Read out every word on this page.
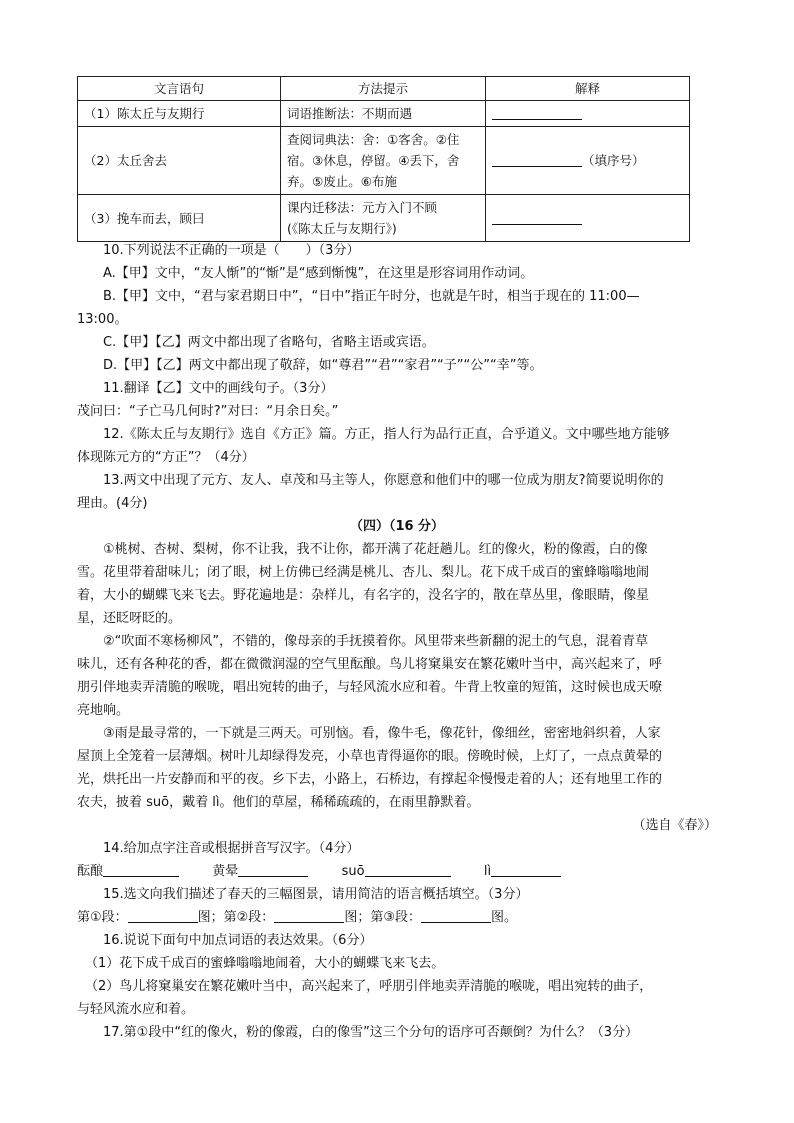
文言语句	方法提示	解释
（1）陈太丘与友期行	词语推断法：不期而遇	
（2）太丘舍去	查阅词典法：舍：①客舍。②住
宿。③休息，停留。④丢下，舍
弃。⑤废止。⑥布施	（填序号）
（3）挽车而去，顾曰	课内迁移法：元方入门不顾
(《陈太丘与友期行》)	

10.下列说法不正确的一项是（　　）（3分）
A.【甲】文中，“友人惭”的“惭”是“感到惭愧”，在这里是形容词用作动词。
B.【甲】文中，“君与家君期日中”，“日中”指正午时分，也就是午时，相当于现在的 11:00—
13:00。
C.【甲】【乙】两文中都出现了省略句，省略主语或宾语。
D.【甲】【乙】两文中都出现了敬辞，如“尊君”“君”“家君”“子”“公”“幸”等。
11.翻译【乙】文中的画线句子。（3分）
茂问曰：“子亡马几何时?”对曰：“月余日矣。”
12.《陈太丘与友期行》选自《方正》篇。方正，指人行为品行正直，合乎道义。文中哪些地方能够
体现陈元方的“方正”？（4分）
13.两文中出现了元方、友人、卓茂和马主等人，你愿意和他们中的哪一位成为朋友?简要说明你的
理由。(4分)
（四）（16 分）
①桃树、杏树、梨树，你不让我，我不让你，都开满了花赶趟儿。红的像火，粉的像霞，白的像
雪。花里带着甜味儿；闭了眼，树上仿佛已经满是桃儿、杏儿、梨儿。花下成千成百的蜜蜂嗡嗡地闹
着，大小的蝴蝶飞来飞去。野花遍地是：杂样儿，有名字的，没名字的，散在草丛里，像眼睛，像星
星，还眨呀眨的。
②“吹面不寒杨柳风”，不错的，像母亲的手抚摸着你。风里带来些新翻的泥土的气息，混着青草
味儿，还有各种花的香，都在微微润湿的空气里酝酿。鸟儿将窠巢安在繁花嫩叶当中，高兴起来了，呼
朋引伴地卖弄清脆的喉咙，唱出宛转的曲子，与轻风流水应和着。牛背上牧童的短笛，这时候也成天嘹
亮地响。
③雨是最寻常的，一下就是三两天。可别恼。看，像牛毛，像花针，像细丝，密密地斜织着，人家
屋顶上全笼着一层薄烟。树叶儿却绿得发亮，小草也青得逼你的眼。傍晚时候，上灯了，一点点黄晕的
光，烘托出一片安静而和平的夜。乡下去，小路上，石桥边，有撑起伞慢慢走着的人；还有地里工作的
农夫，披着 suō，戴着 lì。他们的草屋，稀稀疏疏的，在雨里静默着。
（选自《春》）
14.给加点字注音或根据拼音写汉字。（4分）
酝酿	黄晕	suō	lì
15.选文向我们描述了春天的三幅图景，请用简洁的语言概括填空。（3分）
第①段：	图；第②段：	图；第③段：	图。
16.说说下面句中加点词语的表达效果。（6分）
（1）花下成千成百的蜜蜂嗡嗡地闹着，大小的蝴蝶飞来飞去。
（2）鸟儿将窠巢安在繁花嫩叶当中，高兴起来了，呼朋引伴地卖弄清脆的喉咙，唱出宛转的曲子，
与轻风流水应和着。
17.第①段中“红的像火，粉的像霞，白的像雪”这三个分句的语序可否颠倒？为什么？（3分）
